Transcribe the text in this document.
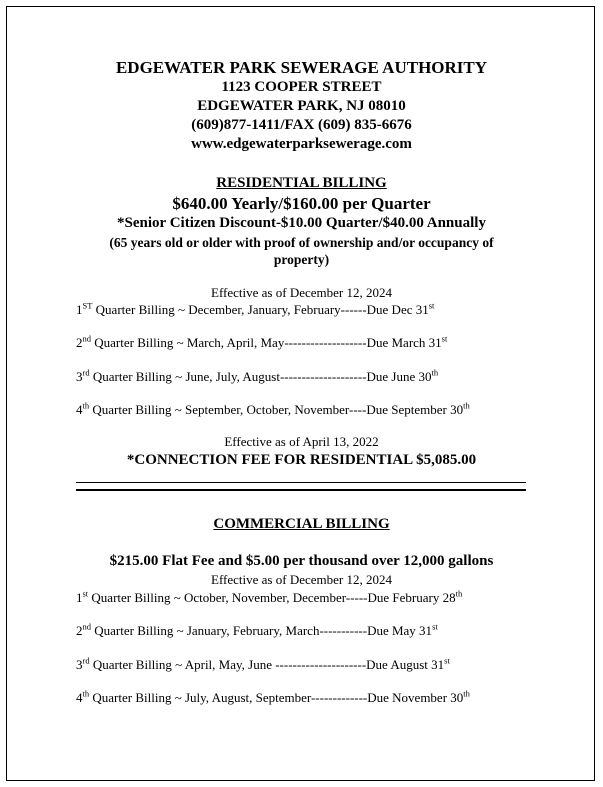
EDGEWATER PARK SEWERAGE AUTHORITY
1123 COOPER STREET
EDGEWATER PARK, NJ 08010
(609)877-1411/FAX (609) 835-6676
www.edgewaterparksewerage.com
RESIDENTIAL BILLING
$640.00 Yearly/$160.00 per Quarter
*Senior Citizen Discount-$10.00 Quarter/$40.00 Annually
(65 years old or older with proof of ownership and/or occupancy of
property)
Effective as of December 12, 2024
1ST Quarter Billing ~ December, January, February------Due Dec 31st
2nd Quarter Billing ~ March, April, May-------------------Due March 31st
3rd Quarter Billing ~ June, July, August--------------------Due June 30th
4th Quarter Billing ~ September, October, November----Due September 30th
Effective as of April 13, 2022
*CONNECTION FEE FOR RESIDENTIAL $5,085.00
COMMERCIAL BILLING
$215.00 Flat Fee and $5.00 per thousand over 12,000 gallons
Effective as of December 12, 2024
1st Quarter Billing ~ October, November, December-----Due February 28th
2nd Quarter Billing ~ January, February, March-----------Due May 31st
3rd Quarter Billing ~ April, May, June ---------------------Due August 31st
4th Quarter Billing ~ July, August, September-------------Due November 30th
